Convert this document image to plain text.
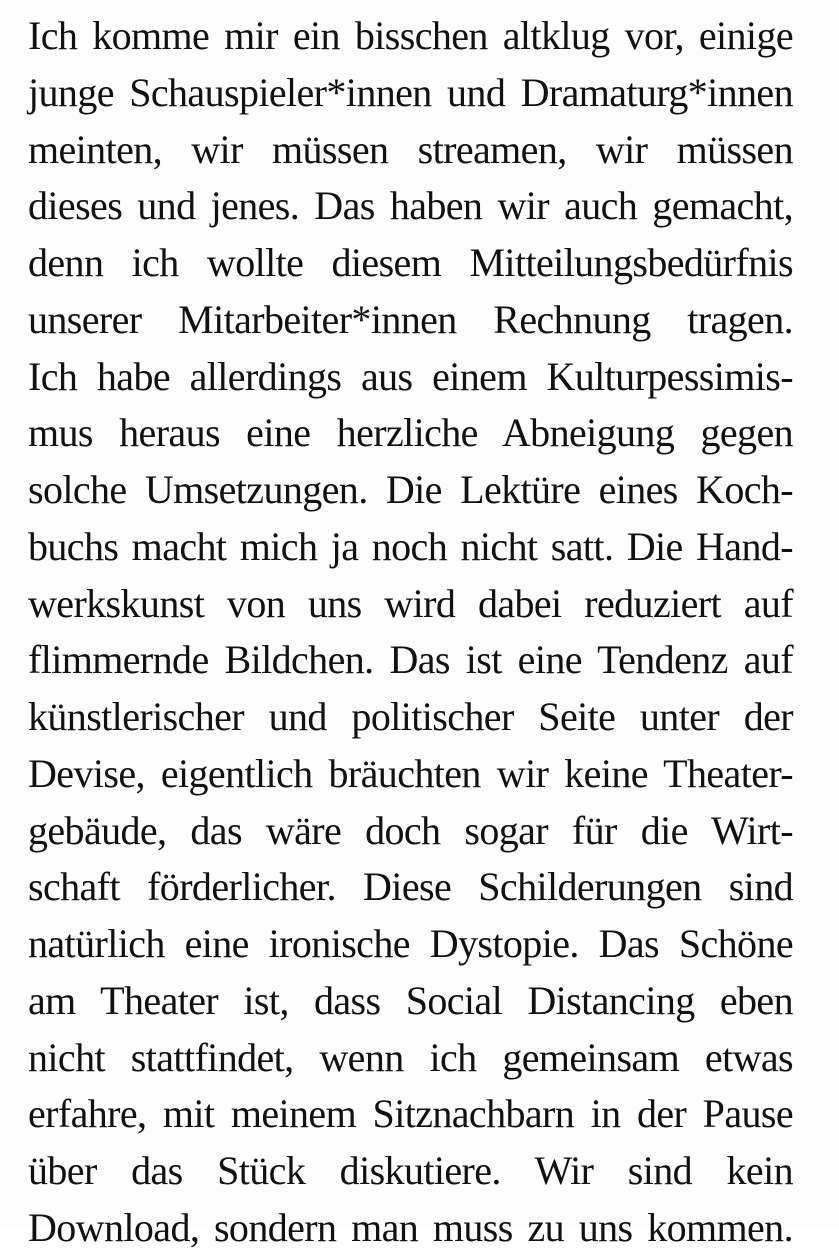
Ich komme mir ein bisschen altklug vor, einige
junge Schauspieler*innen und Dramaturg*innen
meinten, wir müssen streamen, wir müssen
dieses und jenes. Das haben wir auch gemacht,
denn ich wollte diesem Mitteilungsbedürfnis
unserer Mitarbeiter*innen Rechnung tragen.
Ich habe allerdings aus einem Kulturpessimis-
mus heraus eine herzliche Abneigung gegen
solche Umsetzungen. Die Lektüre eines Koch-
buchs macht mich ja noch nicht satt. Die Hand-
werkskunst von uns wird dabei reduziert auf
flimmernde Bildchen. Das ist eine Tendenz auf
künstlerischer und politischer Seite unter der
Devise, eigentlich bräuchten wir keine Theater-
gebäude, das wäre doch sogar für die Wirt-
schaft förderlicher. Diese Schilderungen sind
natürlich eine ironische Dystopie. Das Schöne
am Theater ist, dass Social Distancing eben
nicht stattfindet, wenn ich gemeinsam etwas
erfahre, mit meinem Sitznachbarn in der Pause
über das Stück diskutiere. Wir sind kein
Download, sondern man muss zu uns kommen.
